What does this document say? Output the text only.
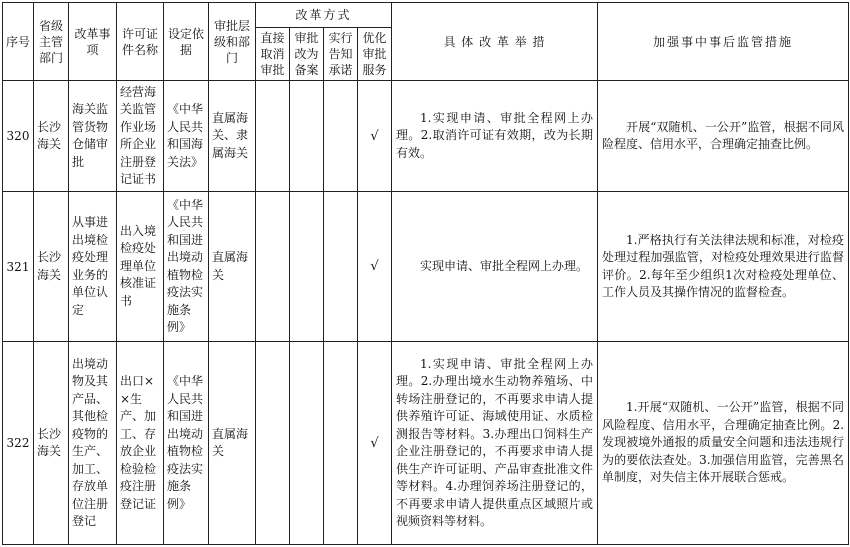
序号	省级主管部门	改革事项	许可证件名称	设定依据	审批层级和部门	改革方式				具 体 改 革 举 措	加强事中事后监管措施
						直接取消审批	审批改为备案	实行告知承诺	优化审批服务		
320	长沙海关	海关监管货物仓储审批	经营海关监管作业场所企业注册登记证书	《中华人民共和国海关法》	直属海关、隶属海关				√	1.实现申请、审批全程网上办理。2.取消许可证有效期，改为长期有效。	开展“双随机、一公开”监管，根据不同风险程度、信用水平，合理确定抽查比例。

321	长沙海关	从事进出境检疫处理业务的单位认定	出入境检疫处理单位核准证书	《中华人民共和国进出境动植物检疫法实施条例》	直属海关				√	实现申请、审批全程网上办理。	1.严格执行有关法律法规和标准，对检疫处理过程加强监管，对检疫处理效果进行监督评价。2.每年至少组织1次对检疫处理单位、工作人员及其操作情况的监督检查。

322	长沙海关	出境动物及其产品、其他检疫物的生产、加工、存放单位注册登记	出口××生产、加工、存放企业检验检疫注册登记证	《中华人民共和国进出境动植物检疫法实施条例》	直属海关				√	1.实现申请、审批全程网上办理。2.办理出境水生动物养殖场、中转场注册登记的，不再要求申请人提供养殖许可证、海域使用证、水质检测报告等材料。3.办理出口饲料生产企业注册登记的，不再要求申请人提供生产许可证明、产品审查批准文件等材料。4.办理饲养场注册登记的，不再要求申请人提供重点区域照片或视频资料等材料。	1.开展“双随机、一公开”监管，根据不同风险程度、信用水平，合理确定抽查比例。2.发现被境外通报的质量安全问题和违法违规行为的要依法查处。3.加强信用监管，完善黑名单制度，对失信主体开展联合惩戒。
